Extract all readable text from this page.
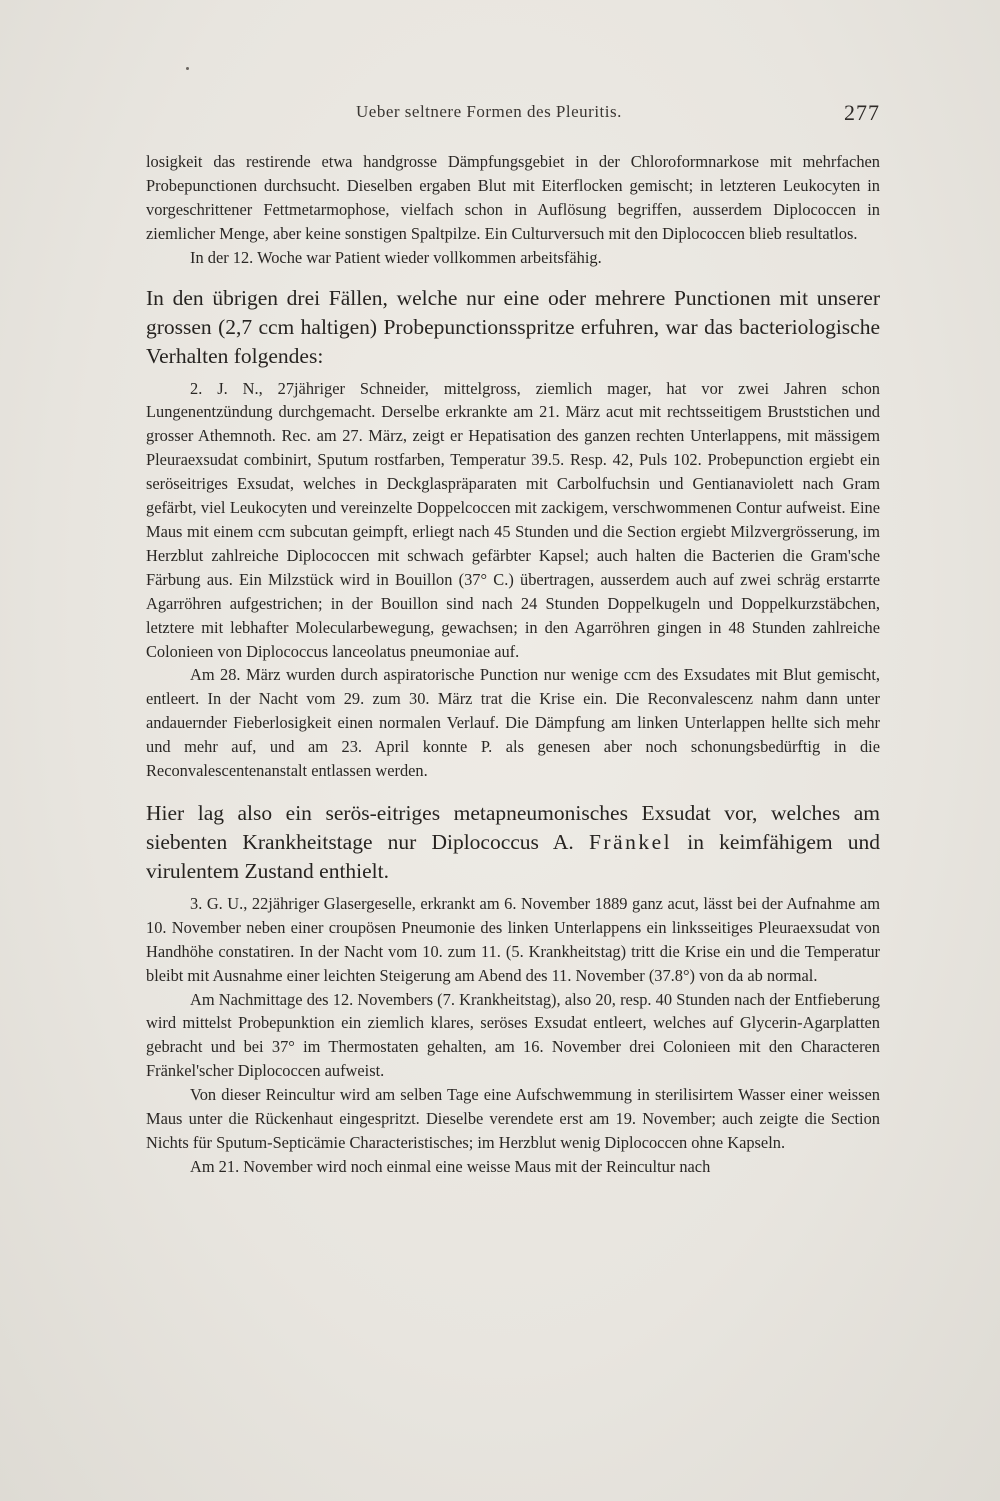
Ueber seltnere Formen des Pleuritis.	277

losigkeit das restirende etwa handgrosse Dämpfungsgebiet in der Chloroformnarkose mit mehrfachen Probepunctionen durchsucht. Dieselben ergaben Blut mit Eiterflocken gemischt; in letzteren Leukocyten in vorgeschrittener Fettmetarmophose, vielfach schon in Auflösung begriffen, ausserdem Diplococcen in ziemlicher Menge, aber keine sonstigen Spaltpilze. Ein Culturversuch mit den Diplococcen blieb resultatlos.

In der 12. Woche war Patient wieder vollkommen arbeitsfähig.

In den übrigen drei Fällen, welche nur eine oder mehrere Punctionen mit unserer grossen (2,7 ccm haltigen) Probepunctionsspritze erfuhren, war das bacteriologische Verhalten folgendes:

2. J. N., 27jähriger Schneider, mittelgross, ziemlich mager, hat vor zwei Jahren schon Lungenentzündung durchgemacht. Derselbe erkrankte am 21. März acut mit rechtsseitigem Bruststichen und grosser Athemnoth. Rec. am 27. März, zeigt er Hepatisation des ganzen rechten Unterlappens, mit mässigem Pleuraexsudat combinirt, Sputum rostfarben, Temperatur 39.5. Resp. 42, Puls 102. Probepunction ergiebt ein seröseitriges Exsudat, welches in Deckglaspräparaten mit Carbolfuchsin und Gentianaviolett nach Gram gefärbt, viel Leukocyten und vereinzelte Doppelcoccen mit zackigem, verschwommenen Contur aufweist. Eine Maus mit einem ccm subcutan geimpft, erliegt nach 45 Stunden und die Section ergiebt Milzvergrösserung, im Herzblut zahlreiche Diplococcen mit schwach gefärbter Kapsel; auch halten die Bacterien die Gram'sche Färbung aus. Ein Milzstück wird in Bouillon (37° C.) übertragen, ausserdem auch auf zwei schräg erstarrte Agarröhren aufgestrichen; in der Bouillon sind nach 24 Stunden Doppelkugeln und Doppelkurzstäbchen, letztere mit lebhafter Molecularbewegung, gewachsen; in den Agarröhren gingen in 48 Stunden zahlreiche Colonieen von Diplococcus lanceolatus pneumoniae auf.

Am 28. März wurden durch aspiratorische Punction nur wenige ccm des Exsudates mit Blut gemischt, entleert. In der Nacht vom 29. zum 30. März trat die Krise ein. Die Reconvalescenz nahm dann unter andauernder Fieberlosigkeit einen normalen Verlauf. Die Dämpfung am linken Unterlappen hellte sich mehr und mehr auf, und am 23. April konnte P. als genesen aber noch schonungsbedürftig in die Reconvalescentenanstalt entlassen werden.

Hier lag also ein serös-eitriges metapneumonisches Exsudat vor, welches am siebenten Krankheitstage nur Diplococcus A. Fränkel in keimfähigem und virulentem Zustand enthielt.

3. G. U., 22jähriger Glasergeselle, erkrankt am 6. November 1889 ganz acut, lässt bei der Aufnahme am 10. November neben einer croupösen Pneumonie des linken Unterlappens ein linksseitiges Pleuraexsudat von Handhöhe constatiren. In der Nacht vom 10. zum 11. (5. Krankheitstag) tritt die Krise ein und die Temperatur bleibt mit Ausnahme einer leichten Steigerung am Abend des 11. November (37.8°) von da ab normal.

Am Nachmittage des 12. Novembers (7. Krankheitstag), also 20, resp. 40 Stunden nach der Entfieberung wird mittelst Probepunktion ein ziemlich klares, seröses Exsudat entleert, welches auf Glycerin-Agarplatten gebracht und bei 37° im Thermostaten gehalten, am 16. November drei Colonieen mit den Characteren Fränkel'scher Diplococcen aufweist.

Von dieser Reincultur wird am selben Tage eine Aufschwemmung in sterilisirtem Wasser einer weissen Maus unter die Rückenhaut eingespritzt. Dieselbe verendete erst am 19. November; auch zeigte die Section Nichts für Sputum-Septicämie Characteristisches; im Herzblut wenig Diplococcen ohne Kapseln.

Am 21. November wird noch einmal eine weisse Maus mit der Reincultur nach
